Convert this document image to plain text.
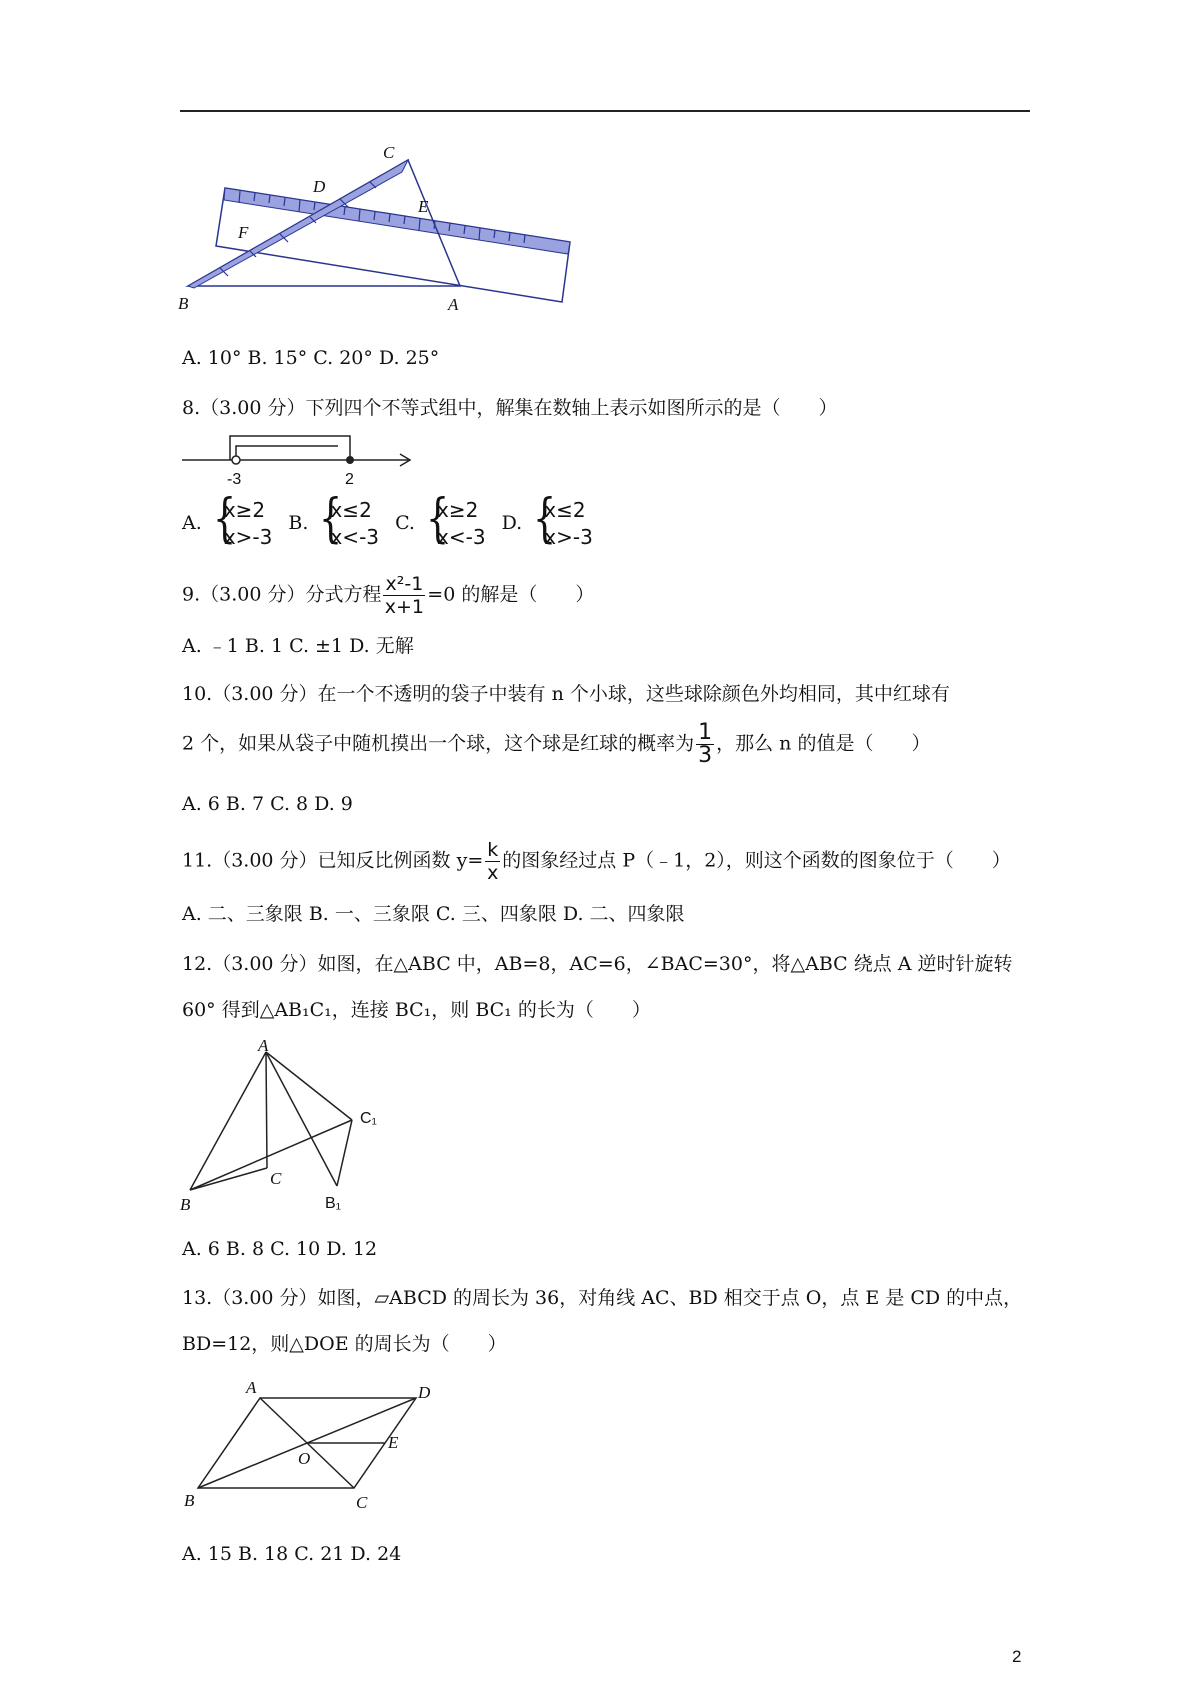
C
D
E
F
B	A
A. 10° B. 15° C. 20° D. 25°
8.（3.00 分）下列四个不等式组中，解集在数轴上表示如图所示的是（　　）
-3	2
A. {
x≥2
x>-3
B. {
x≤2
x<-3
C. {
x≥2
x<-3
D. {
x≤2
x>-3
9.（3.00 分）分式方程 $\frac{\text{x²-1}}{x+1} =0$ 的解是（　　）
A. ﹣1 B. 1 C. ±1 D. 无解
10.（3.00 分）在一个不透明的袋子中装有 n 个小球，这些球除颜色外均相同，其中红球有
2 个，如果从袋子中随机摸出一个球，这个球是红球的概率为 $\frac{1}{3}$ ，那么 n 的值是（　　）
A. 6 B. 7 C. 8 D. 9
11.（3.00 分）已知反比例函数 $y= \frac{k}{x}$ 的图象经过点 P（﹣1，2），则这个函数的图象位于（　　）
A. 二、三象限 B. 一、三象限 C. 三、四象限 D. 二、四象限
12.（3.00 分）如图，在△ABC 中，AB=8，AC=6，∠BAC=30°，将△ABC 绕点 A 逆时针旋转
60° 得到△AB₁C₁，连接 BC₁，则 BC₁ 的长为（　　）
A
C₁
C
B	B₁
A. 6 B. 8 C. 10 D. 12
13.（3.00 分）如图，▱ABCD 的周长为 36，对角线 AC、BD 相交于点 O，点 E 是 CD 的中点，
BD=12，则△DOE 的周长为（　　）
A	D
O
E
B	C
A. 15 B. 18 C. 21 D. 24
2
